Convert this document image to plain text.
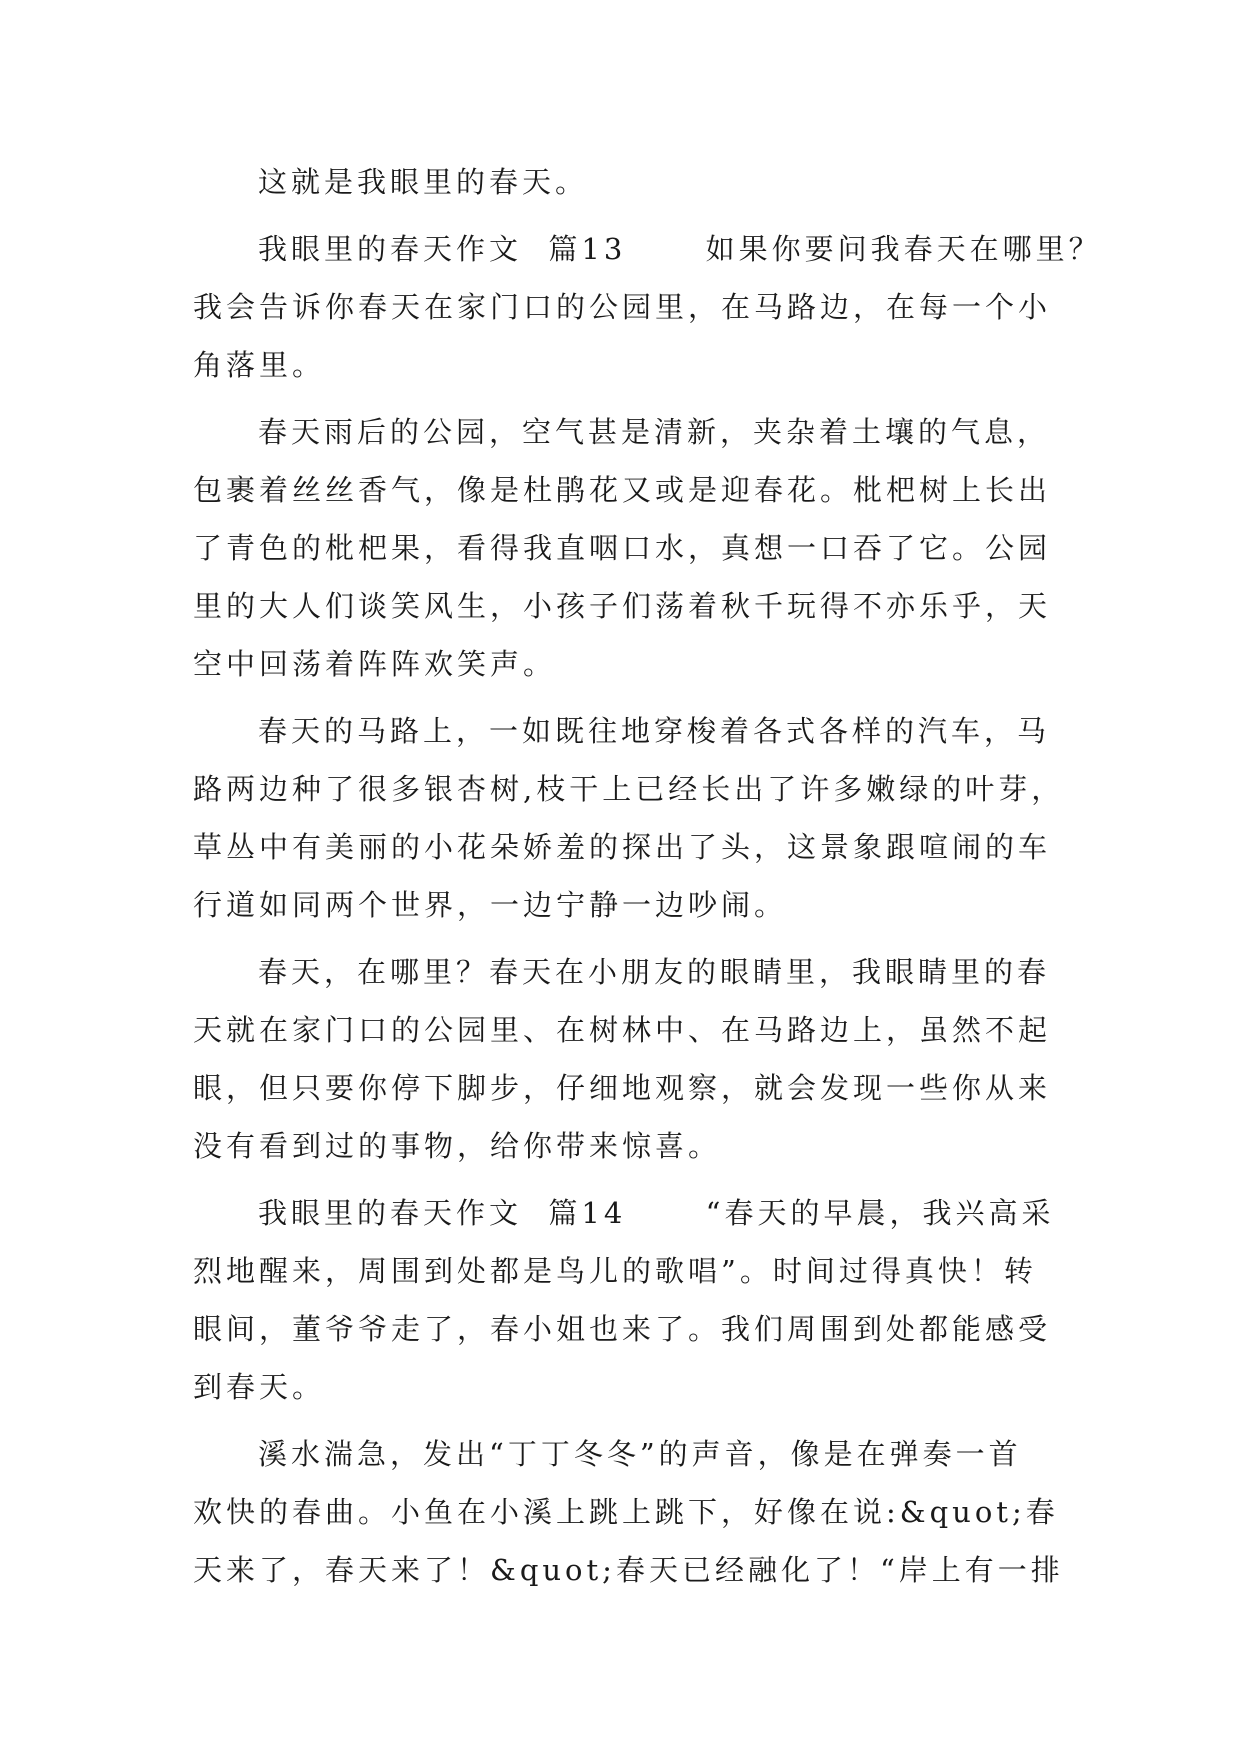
这就是我眼里的春天。
我眼里的春天作文  篇13      如果你要问我春天在哪里？
我会告诉你春天在家门口的公园里，在马路边，在每一个小
角落里。
春天雨后的公园，空气甚是清新，夹杂着土壤的气息，
包裹着丝丝香气，像是杜鹃花又或是迎春花。枇杷树上长出
了青色的枇杷果，看得我直咽口水，真想一口吞了它。公园
里的大人们谈笑风生，小孩子们荡着秋千玩得不亦乐乎，天
空中回荡着阵阵欢笑声。
春天的马路上，一如既往地穿梭着各式各样的汽车，马
路两边种了很多银杏树,枝干上已经长出了许多嫩绿的叶芽，
草丛中有美丽的小花朵娇羞的探出了头，这景象跟喧闹的车
行道如同两个世界，一边宁静一边吵闹。
春天，在哪里？春天在小朋友的眼睛里，我眼睛里的春
天就在家门口的公园里、在树林中、在马路边上，虽然不起
眼，但只要你停下脚步，仔细地观察，就会发现一些你从来
没有看到过的事物，给你带来惊喜。
我眼里的春天作文  篇14      “春天的早晨，我兴高采
烈地醒来，周围到处都是鸟儿的歌唱”。时间过得真快！转
眼间，董爷爷走了，春小姐也来了。我们周围到处都能感受
到春天。
溪水湍急，发出“丁丁冬冬”的声音，像是在弹奏一首
欢快的春曲。小鱼在小溪上跳上跳下，好像在说:&quot;春
天来了，春天来了！&quot;春天已经融化了！“岸上有一排
